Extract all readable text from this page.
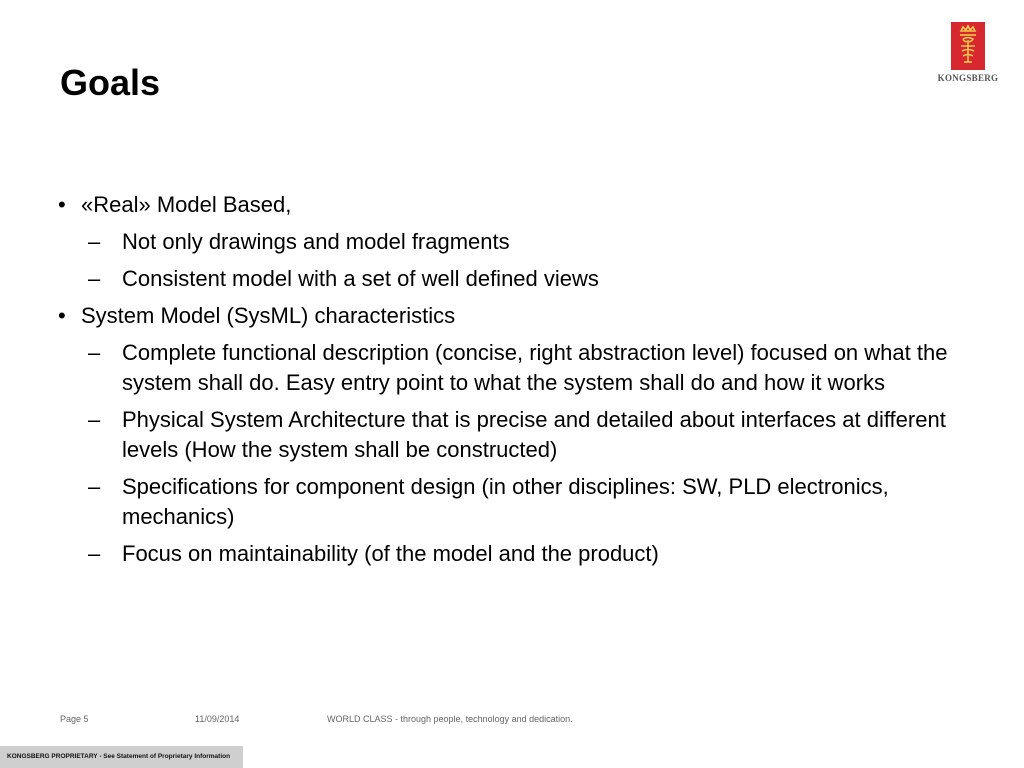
Goals	KONGSBERG
• «Real» Model Based,
– Not only drawings and model fragments
– Consistent model with a set of well defined views
• System Model (SysML) characteristics
– Complete functional description (concise, right abstraction level) focused on what the system shall do. Easy entry point to what the system shall do and how it works
– Physical System Architecture that is precise and detailed about interfaces at different levels (How the system shall be constructed)
– Specifications for component design (in other disciplines: SW, PLD electronics, mechanics)
– Focus on maintainability (of the model and the product)
Page 5	11/09/2014	WORLD CLASS - through people, technology and dedication.
KONGSBERG PROPRIETARY - See Statement of Proprietary Information
